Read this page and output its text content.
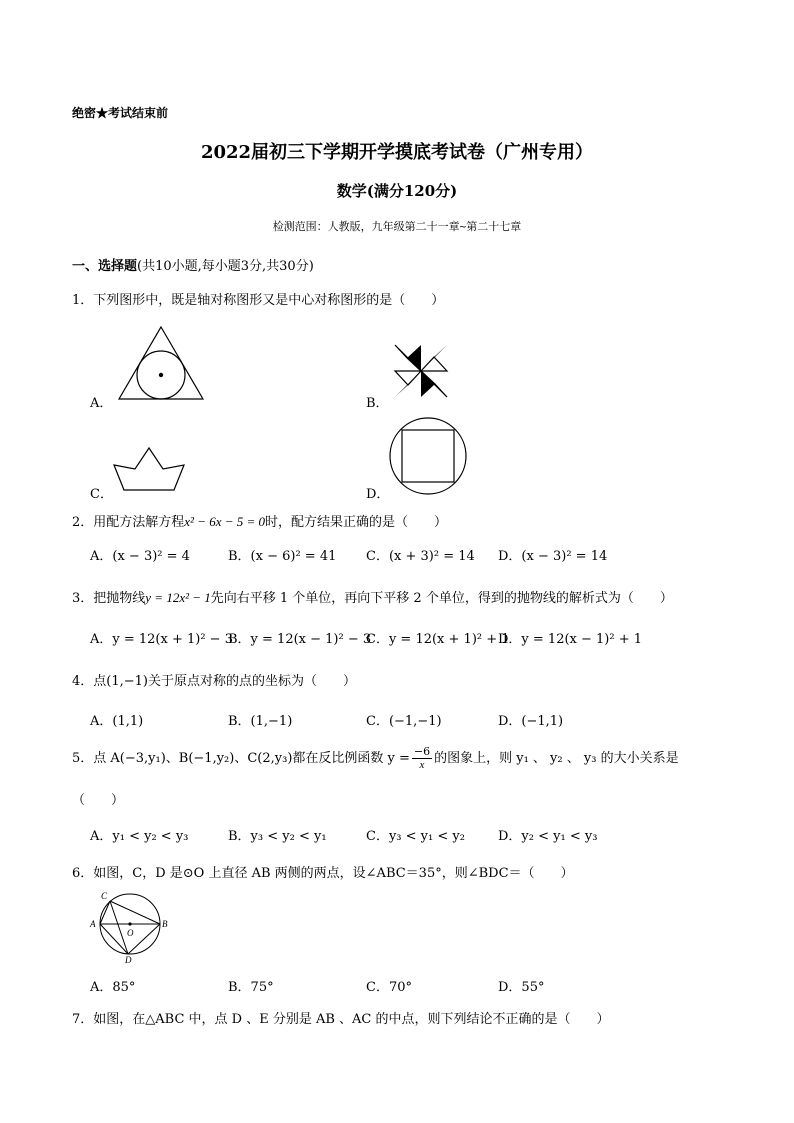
绝密★考试结束前
2022届初三下学期开学摸底考试卷（广州专用）
数学(满分120分)
检测范围：人教版，九年级第二十一章~第二十七章
一、选择题(共10小题,每小题3分,共30分)
1．下列图形中，既是轴对称图形又是中心对称图形的是（　　）
A．	B．
C．	D．
2．用配方法解方程x² − 6x − 5 = 0时，配方结果正确的是（　　）
A．(x − 3)² = 4	B．(x − 6)² = 41 C．(x + 3)² = 14 D．(x − 3)² = 14
3．把抛物线y = 12x² − 1先向右平移 1 个单位，再向下平移 2 个单位，得到的抛物线的解析式为（　　）
A．y = 12(x + 1)² − 3
B．y = 12(x − 1)² − 3
C．y = 12(x + 1)² + 1
D．y = 12(x − 1)² + 1
4．点(1,−1)关于原点对称的点的坐标为（　　）
A．(1,1)	B．(1,−1)	C．(−1,−1)	D．(−1,1)
5．点 A(−3,y₁)、B(−1,y₂)、C(2,y₃)都在反比例函数 $y = \frac{-6}{x}$ 的图象上，则 y₁ 、 y₂ 、 y₃ 的大小关系是
（　　）
A．y₁ < y₂ < y₃	B．y₃ < y₂ < y₁	C．y₃ < y₁ < y₂	D．y₂ < y₁ < y₃
6．如图，C，D 是⊙O 上直径 AB 两侧的两点，设∠ABC＝35°，则∠BDC＝（　　）
C
A
O
B
D
A．85°	B．75°	C．70°	D．55°
7．如图，在△ABC 中，点 D 、E 分别是 AB 、AC 的中点，则下列结论不正确的是（　　）
